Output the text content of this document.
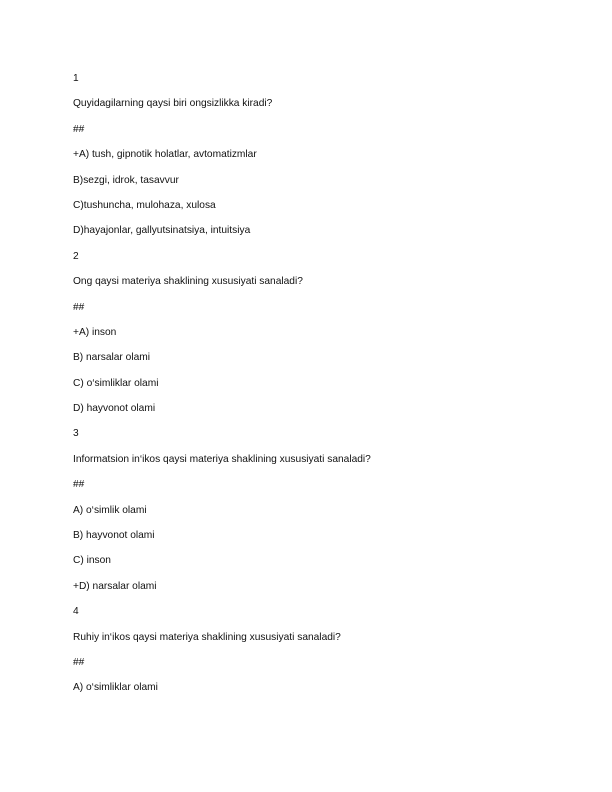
1
Quyidagilarning qaysi biri ongsizlikka kiradi?
##
+A) tush, gipnotik holatlar, avtomatizmlar
B)sezgi, idrok, tasavvur
C)tushuncha, mulohaza, xulosa
D)hayajonlar, gallyutsinatsiya, intuitsiya
2
Ong qaysi materiya shaklining xususiyati sanaladi?
##
+A) inson
B) narsalar olami
C) o‘simliklar olami
D) hayvonot olami
3
Informatsion in‘ikos qaysi materiya shaklining xususiyati sanaladi?
##
A) o‘simlik olami
B) hayvonot olami
C) inson
+D) narsalar olami
4
Ruhiy in‘ikos qaysi materiya shaklining xususiyati sanaladi?
##
A) o‘simliklar olami
